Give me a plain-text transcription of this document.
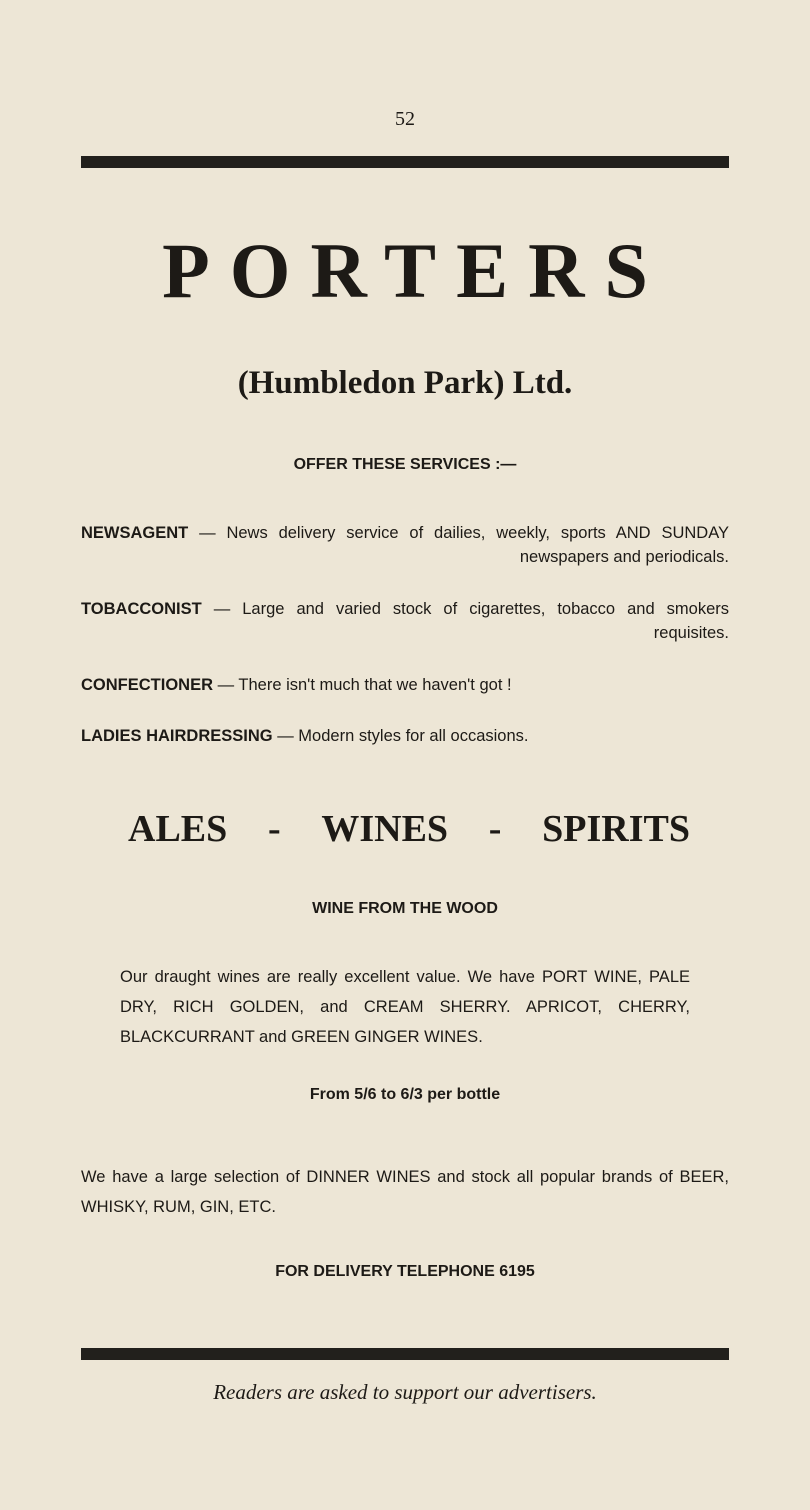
52
PORTERS
(Humbledon Park) Ltd.
OFFER THESE SERVICES :—
NEWSAGENT — News delivery service of dailies, weekly, sports AND SUNDAY newspapers and periodicals.
TOBACCONIST — Large and varied stock of cigarettes, tobacco and smokers requisites.
CONFECTIONER — There isn't much that we haven't got !
LADIES HAIRDRESSING — Modern styles for all occasions.
ALES - WINES - SPIRITS
WINE FROM THE WOOD
Our draught wines are really excellent value. We have PORT WINE, PALE DRY, RICH GOLDEN, and CREAM SHERRY. APRICOT, CHERRY, BLACKCURRANT and GREEN GINGER WINES.
From 5/6 to 6/3 per bottle
We have a large selection of DINNER WINES and stock all popular brands of BEER, WHISKY, RUM, GIN, ETC.
FOR DELIVERY TELEPHONE 6195
Readers are asked to support our advertisers.
